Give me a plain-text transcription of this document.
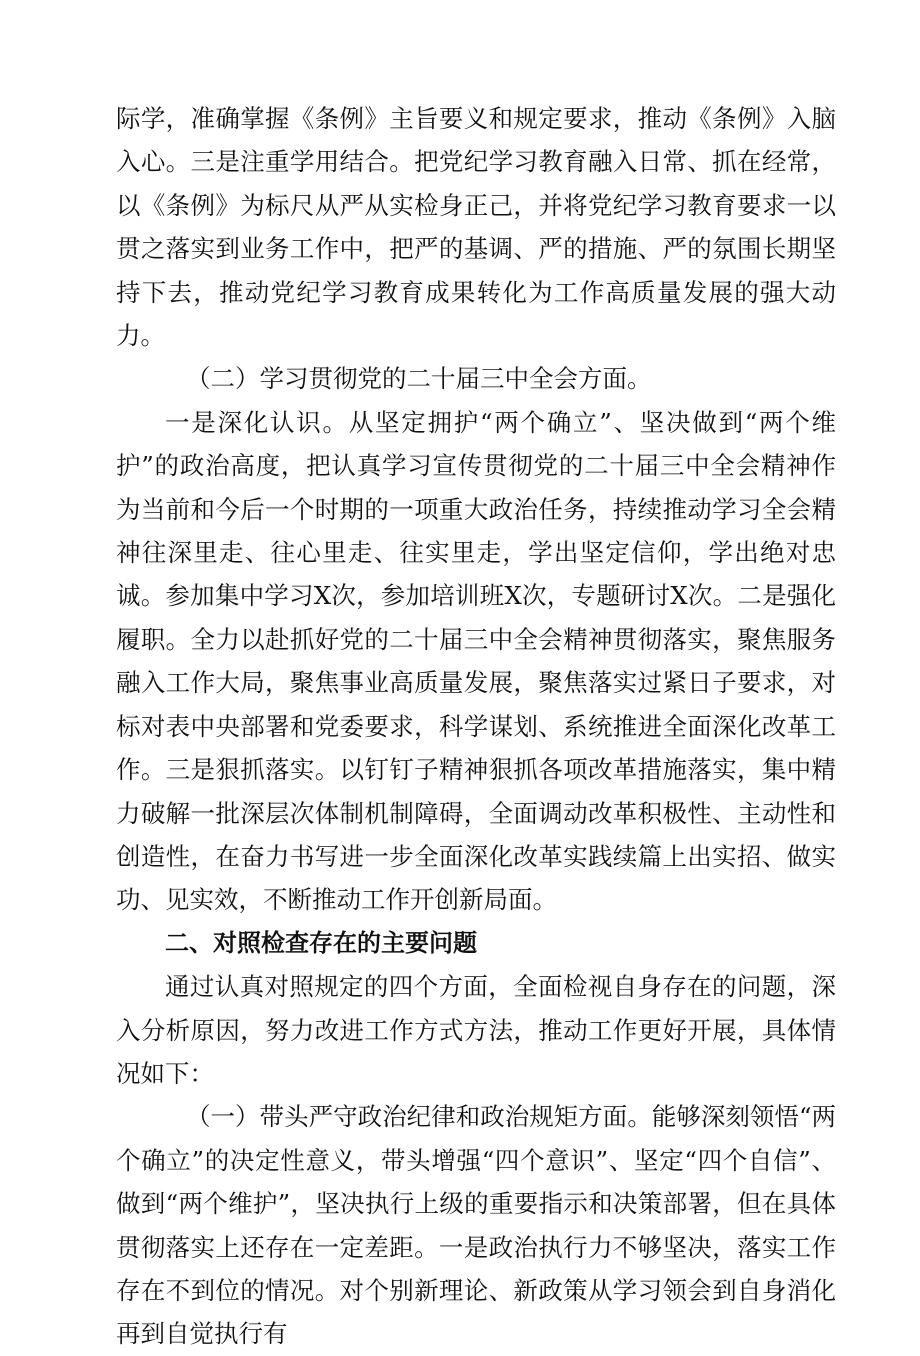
际学，准确掌握《条例》主旨要义和规定要求，推动《条例》入脑入心。三是注重学用结合。把党纪学习教育融入日常、抓在经常，以《条例》为标尺从严从实检身正己，并将党纪学习教育要求一以贯之落实到业务工作中，把严的基调、严的措施、严的氛围长期坚持下去，推动党纪学习教育成果转化为工作高质量发展的强大动力。

（二）学习贯彻党的二十届三中全会方面。

一是深化认识。从坚定拥护“两个确立”、坚决做到“两个维护”的政治高度，把认真学习宣传贯彻党的二十届三中全会精神作为当前和今后一个时期的一项重大政治任务，持续推动学习全会精神往深里走、往心里走、往实里走，学出坚定信仰，学出绝对忠诚。参加集中学习X次，参加培训班X次，专题研讨X次。二是强化履职。全力以赴抓好党的二十届三中全会精神贯彻落实，聚焦服务融入工作大局，聚焦事业高质量发展，聚焦落实过紧日子要求，对标对表中央部署和党委要求，科学谋划、系统推进全面深化改革工作。三是狠抓落实。以钉钉子精神狠抓各项改革措施落实，集中精力破解一批深层次体制机制障碍，全面调动改革积极性、主动性和创造性，在奋力书写进一步全面深化改革实践续篇上出实招、做实功、见实效，不断推动工作开创新局面。

二、对照检查存在的主要问题

通过认真对照规定的四个方面，全面检视自身存在的问题，深入分析原因，努力改进工作方式方法，推动工作更好开展，具体情况如下：

（一）带头严守政治纪律和政治规矩方面。能够深刻领悟“两个确立”的决定性意义，带头增强“四个意识”、坚定“四个自信”、做到“两个维护”，坚决执行上级的重要指示和决策部署，但在具体贯彻落实上还存在一定差距。一是政治执行力不够坚决，落实工作存在不到位的情况。对个别新理论、新政策从学习领会到自身消化再到自觉执行有
